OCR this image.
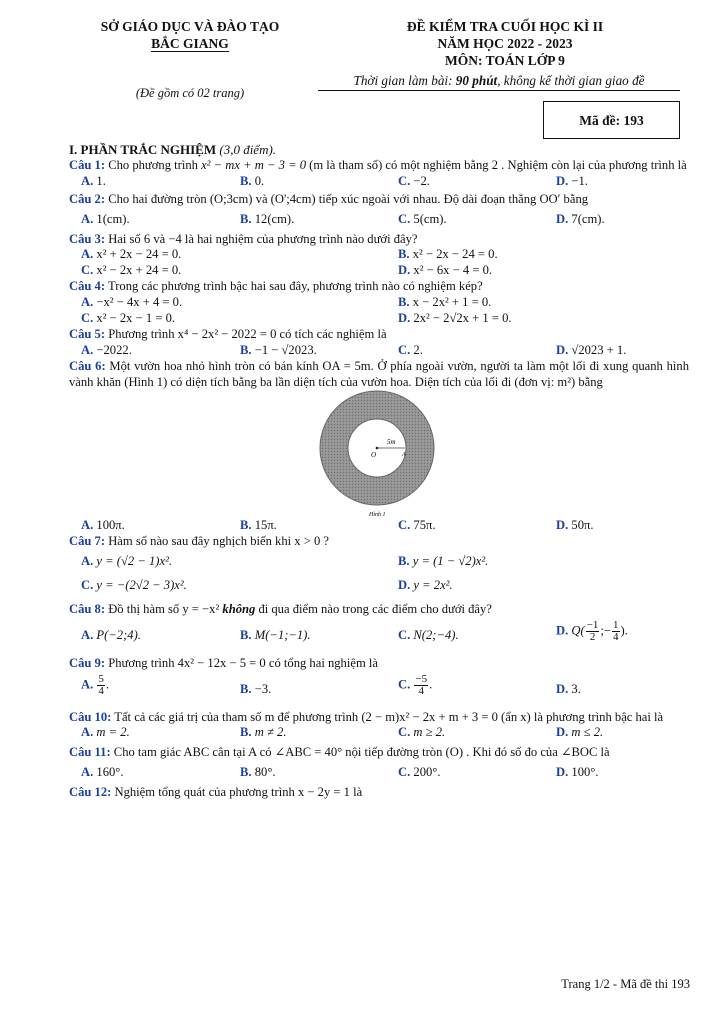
SỞ GIÁO DỤC VÀ ĐÀO TẠO
BẮC GIANG
(Đề gồm có 02 trang)
ĐỀ KIỂM TRA CUỐI HỌC KÌ II
NĂM HỌC 2022 - 2023
MÔN: TOÁN LỚP 9
Thời gian làm bài: 90 phút, không kể thời gian giao đề
Mã đề: 193
I. PHẦN TRẮC NGHIỆM (3,0 điểm).

Câu 1: Cho phương trình x² − mx + m − 3 = 0 (m là tham số) có một nghiệm bằng 2 . Nghiệm còn lại của phương trình là

A. 1.	B. 0.	C. −2.	D. −1.

Câu 2: Cho hai đường tròn (O;3cm) và (O';4cm) tiếp xúc ngoài với nhau. Độ dài đoạn thẳng OO′ bằng

A. 1(cm).	B. 12(cm).	C. 5(cm).	D. 7(cm).

Câu 3: Hai số 6 và −4 là hai nghiệm của phương trình nào dưới đây?

A. x² + 2x − 24 = 0.	B. x² − 2x − 24 = 0.
C. x² − 2x + 24 = 0.	D. x² − 6x − 4 = 0.

Câu 4: Trong các phương trình bậc hai sau đây, phương trình nào có nghiệm kép?

A. −x² − 4x + 4 = 0.	B. x − 2x² + 1 = 0.
C. x² − 2x − 1 = 0.	D. 2x² − 2√2x + 1 = 0.

Câu 5: Phương trình x⁴ − 2x² − 2022 = 0 có tích các nghiệm là

A. −2022.	B. −1 − √2023.	C. 2.	D. √2023 + 1.

Câu 6: Một vườn hoa nhỏ hình tròn có bán kính OA = 5m. Ở phía ngoài vườn, người ta làm một lối đi xung quanh hình vành khăn (Hình 1) có diện tích bằng ba lần diện tích của vườn hoa. Diện tích của lối đi (đơn vị: m²) bằng

5m
O	A
Hình 1
A. 100π.	B. 15π.	C. 75π.	D. 50π.

Câu 7: Hàm số nào sau đây nghịch biến khi x > 0 ?

A. y = (√2 − 1)x².	B. y = (1 − √2)x².
C. y = −(2√2 − 3)x².	D. y = 2x².

Câu 8: Đồ thị hàm số y = −x² không đi qua điểm nào trong các điểm cho dưới đây?

A. P(−2;4).	B. M(−1;−1).	C. N(2;−4).	D. $Q( \frac{-1}{2}$ ;− $\frac{1}{4}$ ).

Câu 9: Phương trình 4x² − 12x − 5 = 0 có tổng hai nghiệm là

A. $\frac{5}{4}$ .	B. −3.	C. $\frac{-5}{4}$ .	D. 3.

Câu 10: Tất cả các giá trị của tham số m để phương trình (2 − m)x² − 2x + m + 3 = 0 (ẩn x) là phương trình bậc hai là

A. m = 2.	B. m ≠ 2.	C. m ≥ 2.	D. m ≤ 2.

Câu 11: Cho tam giác ABC cân tại A có ∠ABC = 40° nội tiếp đường tròn (O) . Khi đó số đo của ∠BOC là

A. 160°.	B. 80°.	C. 200°.	D. 100°.

Câu 12: Nghiệm tổng quát của phương trình x − 2y = 1 là

Trang 1/2 - Mã đề thi 193
